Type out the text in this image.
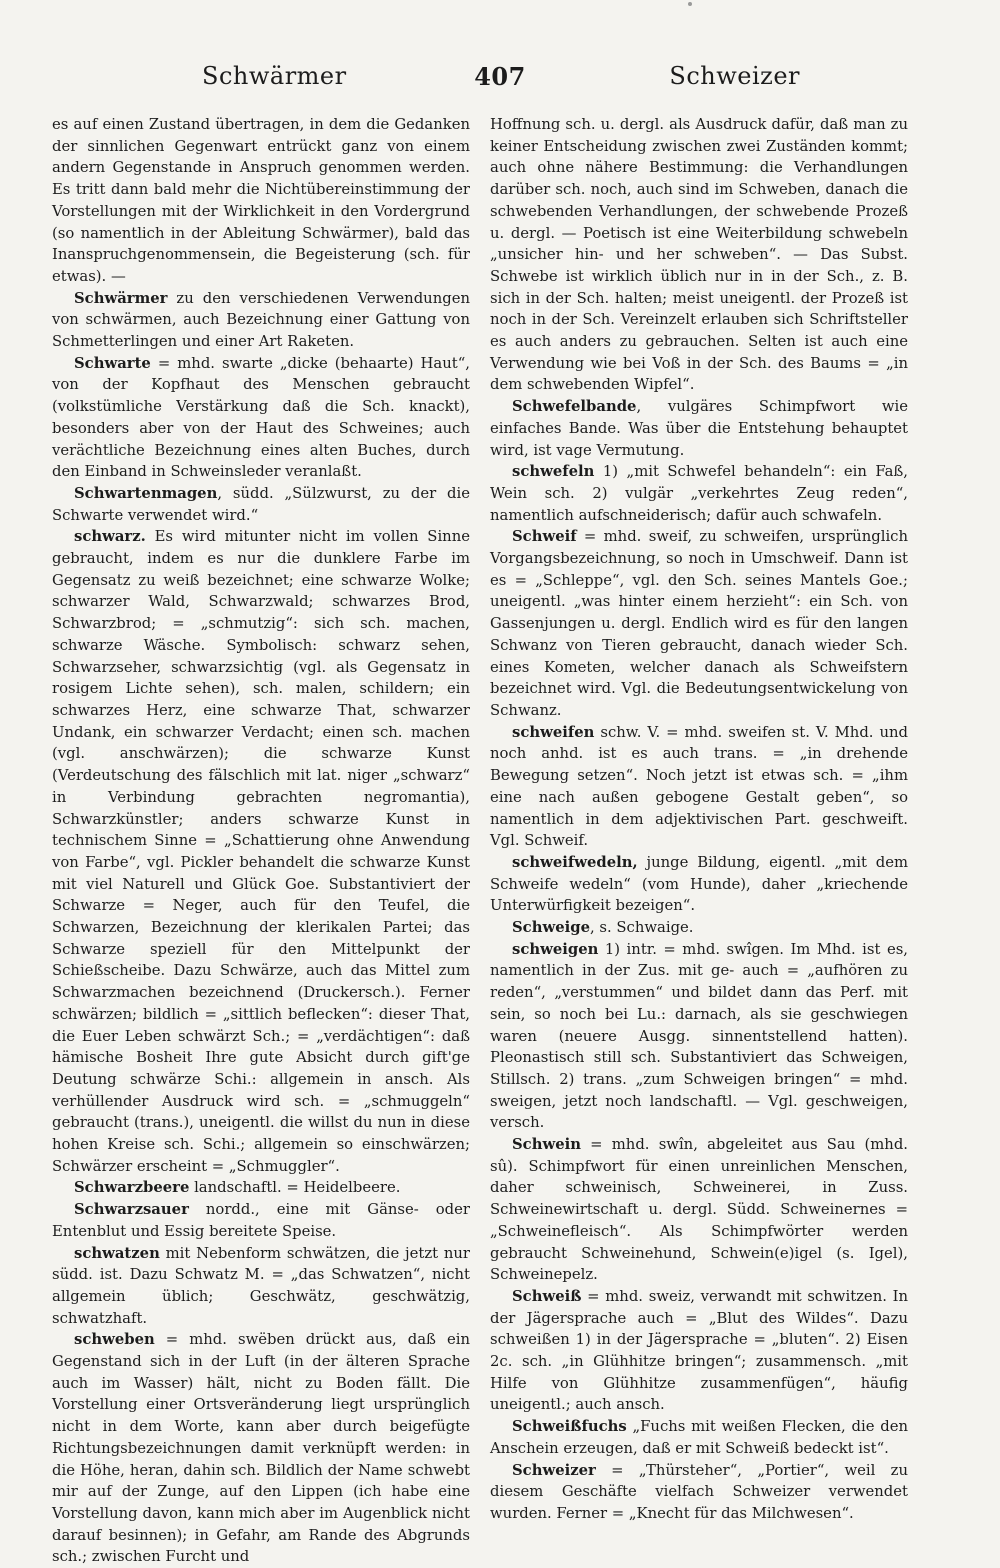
Schwärmer	407	Schweizer

es auf einen Zustand übertragen, in dem die Gedanken der sinnlichen Gegenwart entrückt ganz von einem andern Gegenstande in Anspruch genommen werden. Es tritt dann bald mehr die Nichtübereinstimmung der Vorstellungen mit der Wirklichkeit in den Vordergrund (so namentlich in der Ableitung Schwärmer), bald das Inanspruchgenommensein, die Begeisterung (sch. für etwas). —

Schwärmer zu den verschiedenen Verwendungen von schwärmen, auch Bezeichnung einer Gattung von Schmetterlingen und einer Art Raketen.

Schwarte = mhd. swarte „dicke (behaarte) Haut“, von der Kopfhaut des Menschen gebraucht (volkstümliche Verstärkung daß die Sch. knackt), besonders aber von der Haut des Schweines; auch verächtliche Bezeichnung eines alten Buches, durch den Einband in Schweinsleder veranlaßt.

Schwartenmagen, südd. „Sülzwurst, zu der die Schwarte verwendet wird.“

schwarz. Es wird mitunter nicht im vollen Sinne gebraucht, indem es nur die dunklere Farbe im Gegensatz zu weiß bezeichnet; eine schwarze Wolke; schwarzer Wald, Schwarzwald; schwarzes Brod, Schwarzbrod; = „schmutzig“: sich sch. machen, schwarze Wäsche. Symbolisch: schwarz sehen, Schwarzseher, schwarzsichtig (vgl. als Gegensatz in rosigem Lichte sehen), sch. malen, schildern; ein schwarzes Herz, eine schwarze That, schwarzer Undank, ein schwarzer Verdacht; einen sch. machen (vgl. anschwärzen); die schwarze Kunst (Verdeutschung des fälschlich mit lat. niger „schwarz“ in Verbindung gebrachten negromantia), Schwarzkünstler; anders schwarze Kunst in technischem Sinne = „Schattierung ohne Anwendung von Farbe“, vgl. Pickler behandelt die schwarze Kunst mit viel Naturell und Glück Goe. Substantiviert der Schwarze = Neger, auch für den Teufel, die Schwarzen, Bezeichnung der klerikalen Partei; das Schwarze speziell für den Mittelpunkt der Schießscheibe. Dazu Schwärze, auch das Mittel zum Schwarzmachen bezeichnend (Druckersch.). Ferner schwärzen; bildlich = „sittlich beflecken“: dieser That, die Euer Leben schwärzt Sch.; = „verdächtigen“: daß hämische Bosheit Ihre gute Absicht durch gift'ge Deutung schwärze Schi.: allgemein in ansch. Als verhüllender Ausdruck wird sch. = „schmuggeln“ gebraucht (trans.), uneigentl. die willst du nun in diese hohen Kreise sch. Schi.; allgemein so einschwärzen; Schwärzer erscheint = „Schmuggler“.

Schwarzbeere landschaftl. = Heidelbeere.

Schwarzsauer nordd., eine mit Gänse- oder Entenblut und Essig bereitete Speise.

schwatzen mit Nebenform schwätzen, die jetzt nur südd. ist. Dazu Schwatz M. = „das Schwatzen“, nicht allgemein üblich; Geschwätz, geschwätzig, schwatzhaft.

schweben = mhd. swëben drückt aus, daß ein Gegenstand sich in der Luft (in der älteren Sprache auch im Wasser) hält, nicht zu Boden fällt. Die Vorstellung einer Ortsveränderung liegt ursprünglich nicht in dem Worte, kann aber durch beigefügte Richtungsbezeichnungen damit verknüpft werden: in die Höhe, heran, dahin sch. Bildlich der Name schwebt mir auf der Zunge, auf den Lippen (ich habe eine Vorstellung davon, kann mich aber im Augenblick nicht darauf besinnen); in Gefahr, am Rande des Abgrunds sch.; zwischen Furcht und

Hoffnung sch. u. dergl. als Ausdruck dafür, daß man zu keiner Entscheidung zwischen zwei Zuständen kommt; auch ohne nähere Bestimmung: die Verhandlungen darüber sch. noch, auch sind im Schweben, danach die schwebenden Verhandlungen, der schwebende Prozeß u. dergl. — Poetisch ist eine Weiterbildung schwebeln „unsicher hin- und her schweben“. — Das Subst. Schwebe ist wirklich üblich nur in in der Sch., z. B. sich in der Sch. halten; meist uneigentl. der Prozeß ist noch in der Sch. Vereinzelt erlauben sich Schriftsteller es auch anders zu gebrauchen. Selten ist auch eine Verwendung wie bei Voß in der Sch. des Baums = „in dem schwebenden Wipfel“.

Schwefelbande, vulgäres Schimpfwort wie einfaches Bande. Was über die Entstehung behauptet wird, ist vage Vermutung.

schwefeln 1) „mit Schwefel behandeln“: ein Faß, Wein sch. 2) vulgär „verkehrtes Zeug reden“, namentlich aufschneiderisch; dafür auch schwafeln.

Schweif = mhd. sweif, zu schweifen, ursprünglich Vorgangsbezeichnung, so noch in Umschweif. Dann ist es = „Schleppe“, vgl. den Sch. seines Mantels Goe.; uneigentl. „was hinter einem herzieht“: ein Sch. von Gassenjungen u. dergl. Endlich wird es für den langen Schwanz von Tieren gebraucht, danach wieder Sch. eines Kometen, welcher danach als Schweifstern bezeichnet wird. Vgl. die Bedeutungsentwickelung von Schwanz.

schweifen schw. V. = mhd. sweifen st. V. Mhd. und noch anhd. ist es auch trans. = „in drehende Bewegung setzen“. Noch jetzt ist etwas sch. = „ihm eine nach außen gebogene Gestalt geben“, so namentlich in dem adjektivischen Part. geschweift. Vgl. Schweif.

schweifwedeln, junge Bildung, eigentl. „mit dem Schweife wedeln“ (vom Hunde), daher „kriechende Unterwürfigkeit bezeigen“.

Schweige, s. Schwaige.

schweigen 1) intr. = mhd. swîgen. Im Mhd. ist es, namentlich in der Zus. mit ge- auch = „aufhören zu reden“, „verstummen“ und bildet dann das Perf. mit sein, so noch bei Lu.: darnach, als sie geschwiegen waren (neuere Ausgg. sinnentstellend hatten). Pleonastisch still sch. Substantiviert das Schweigen, Stillsch. 2) trans. „zum Schweigen bringen“ = mhd. sweigen, jetzt noch landschaftl. — Vgl. geschweigen, versch.

Schwein = mhd. swîn, abgeleitet aus Sau (mhd. sû). Schimpfwort für einen unreinlichen Menschen, daher schweinisch, Schweinerei, in Zuss. Schweinewirtschaft u. dergl. Südd. Schweinernes = „Schweinefleisch“. Als Schimpfwörter werden gebraucht Schweinehund, Schwein(e)igel (s. Igel), Schweinepelz.

Schweiß = mhd. sweiz, verwandt mit schwitzen. In der Jägersprache auch = „Blut des Wildes“. Dazu schweißen 1) in der Jägersprache = „bluten“. 2) Eisen 2c. sch. „in Glühhitze bringen“; zusammensch. „mit Hilfe von Glühhitze zusammenfügen“, häufig uneigentl.; auch ansch.

Schweißfuchs „Fuchs mit weißen Flecken, die den Anschein erzeugen, daß er mit Schweiß bedeckt ist“.

Schweizer = „Thürsteher“, „Portier“, weil zu diesem Geschäfte vielfach Schweizer verwendet wurden. Ferner = „Knecht für das Milchwesen“.
